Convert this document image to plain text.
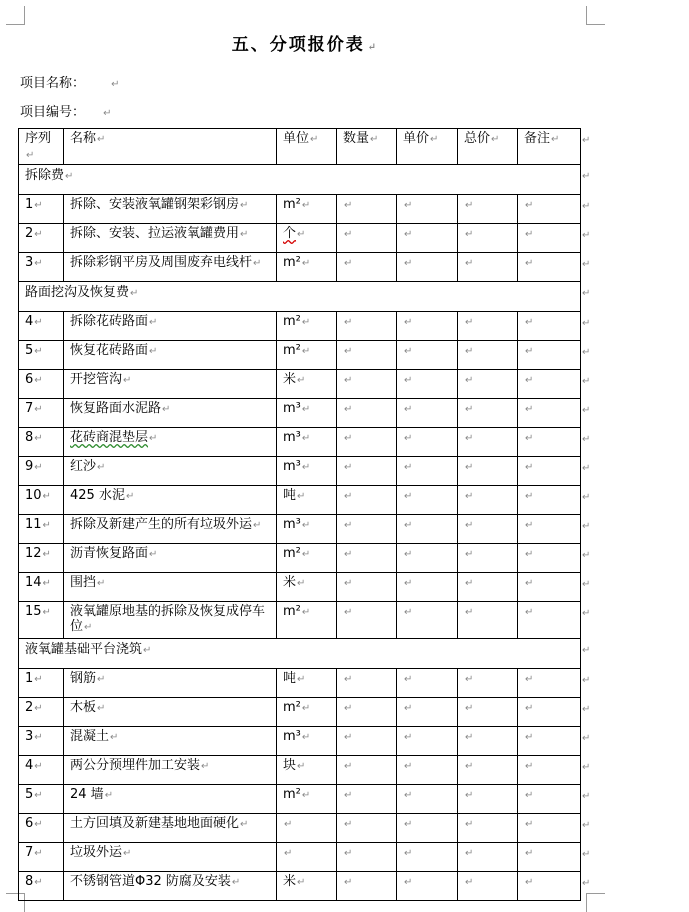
五、分项报价表 ↵
项目名称：	↵
项目编号： ↵
序列↵	名称↵	单位↵	数量↵	单价↵	总价↵	备注↵
拆除费↵						
1↵	拆除、安装液氧罐钢架彩钢房↵	m²↵	↵	↵	↵	↵
2↵	拆除、安装、拉运液氧罐费用↵	个↵	↵	↵	↵	↵
3↵	拆除彩钢平房及周围废弃电线杆↵	m²↵	↵	↵	↵	↵
路面挖沟及恢复费↵						
4↵	拆除花砖路面↵	m²↵	↵	↵	↵	↵
5↵	恢复花砖路面↵	m²↵	↵	↵	↵	↵
6↵	开挖管沟↵	米↵	↵	↵	↵	↵
7↵	恢复路面水泥路↵	m³↵	↵	↵	↵	↵
8↵	花砖商混垫层↵	m³↵	↵	↵	↵	↵
9↵	红沙↵	m³↵	↵	↵	↵	↵
10↵	425 水泥↵	吨↵	↵	↵	↵	↵
11↵	拆除及新建产生的所有垃圾外运↵	m³↵	↵	↵	↵	↵
12↵	沥青恢复路面↵	m²↵	↵	↵	↵	↵
14↵	围挡↵	米↵	↵	↵	↵	↵
15↵	液氧罐原地基的拆除及恢复成停车位↵	m²↵	↵	↵	↵	↵
液氧罐基础平台浇筑↵						
1↵	钢筋↵	吨↵	↵	↵	↵	↵
2↵	木板↵	m²↵	↵	↵	↵	↵
3↵	混凝土↵	m³↵	↵	↵	↵	↵
4↵	两公分预埋件加工安装↵	块↵	↵	↵	↵	↵
5↵	24 墙↵	m²↵	↵	↵	↵	↵
6↵	土方回填及新建基地地面硬化↵	↵	↵	↵	↵	↵
7↵	垃圾外运↵	↵	↵	↵	↵	↵
8↵	不锈钢管道Φ32 防腐及安装↵	米↵	↵	↵	↵	↵
↵
↵
↵
↵
↵
↵
↵
↵
↵
↵
↵
↵
↵
↵
↵
↵
↵
↵
↵
↵
↵
↵
↵
↵
↵
↵
